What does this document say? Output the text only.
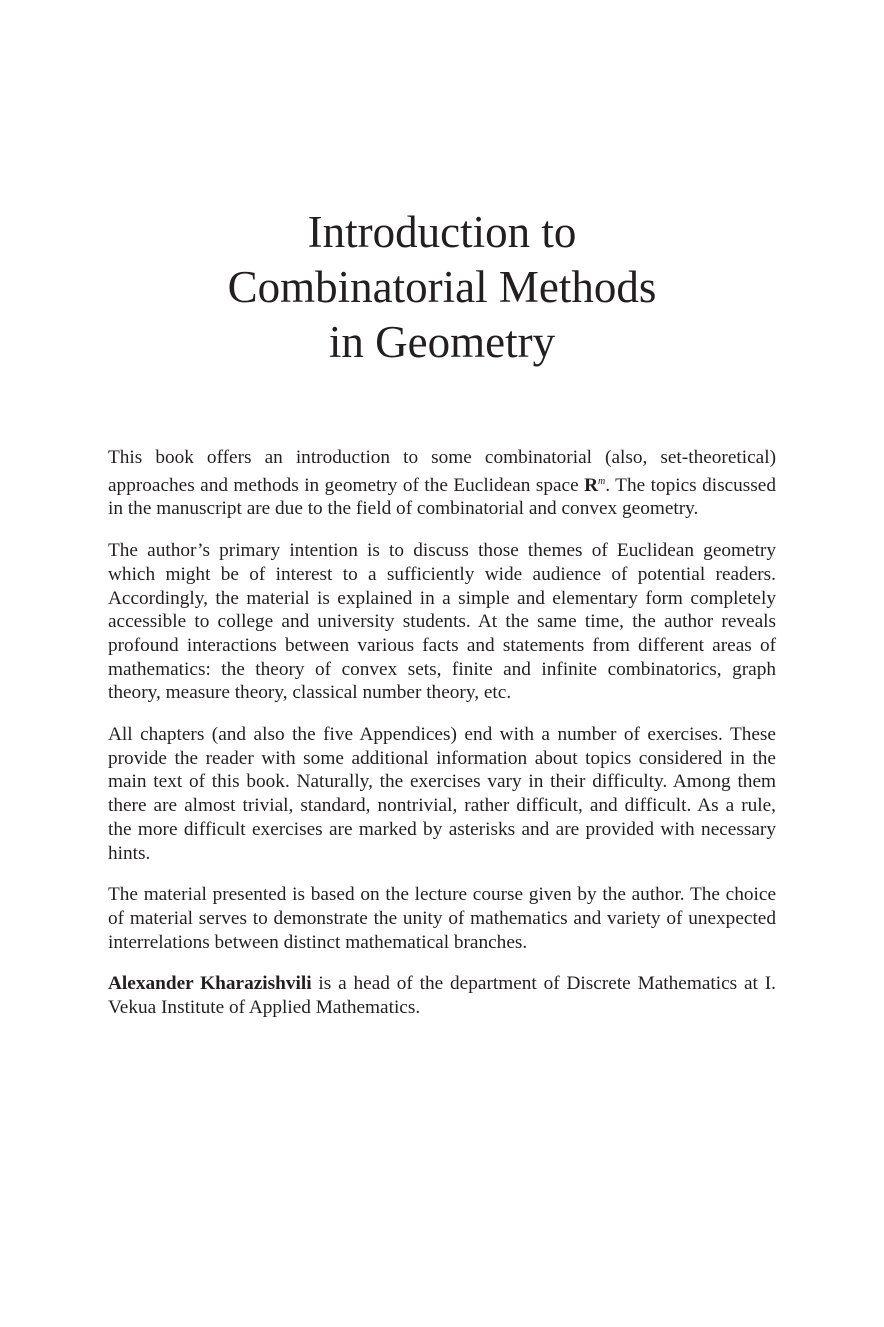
Introduction to
Combinatorial Methods
in Geometry

This book offers an introduction to some combinatorial (also, set-theoretical) approaches and methods in geometry of the Euclidean space $R^m$. The topics discussed in the manuscript are due to the field of combinatorial and convex geometry.

The author’s primary intention is to discuss those themes of Euclidean geometry which might be of interest to a sufficiently wide audience of potential readers. Accordingly, the material is explained in a simple and elementary form completely accessible to college and university students. At the same time, the author reveals profound interactions between various facts and statements from different areas of mathematics: the theory of convex sets, finite and infinite combinatorics, graph theory, measure theory, classical number theory, etc.

All chapters (and also the five Appendices) end with a number of exercises. These provide the reader with some additional information about topics considered in the main text of this book. Naturally, the exercises vary in their difficulty. Among them there are almost trivial, standard, nontrivial, rather difficult, and difficult. As a rule, the more difficult exercises are marked by asterisks and are provided with necessary hints.

The material presented is based on the lecture course given by the author. The choice of material serves to demonstrate the unity of mathematics and variety of unexpected interrelations between distinct mathematical branches.

Alexander Kharazishvili is a head of the department of Discrete Mathematics at I. Vekua Institute of Applied Mathematics.
